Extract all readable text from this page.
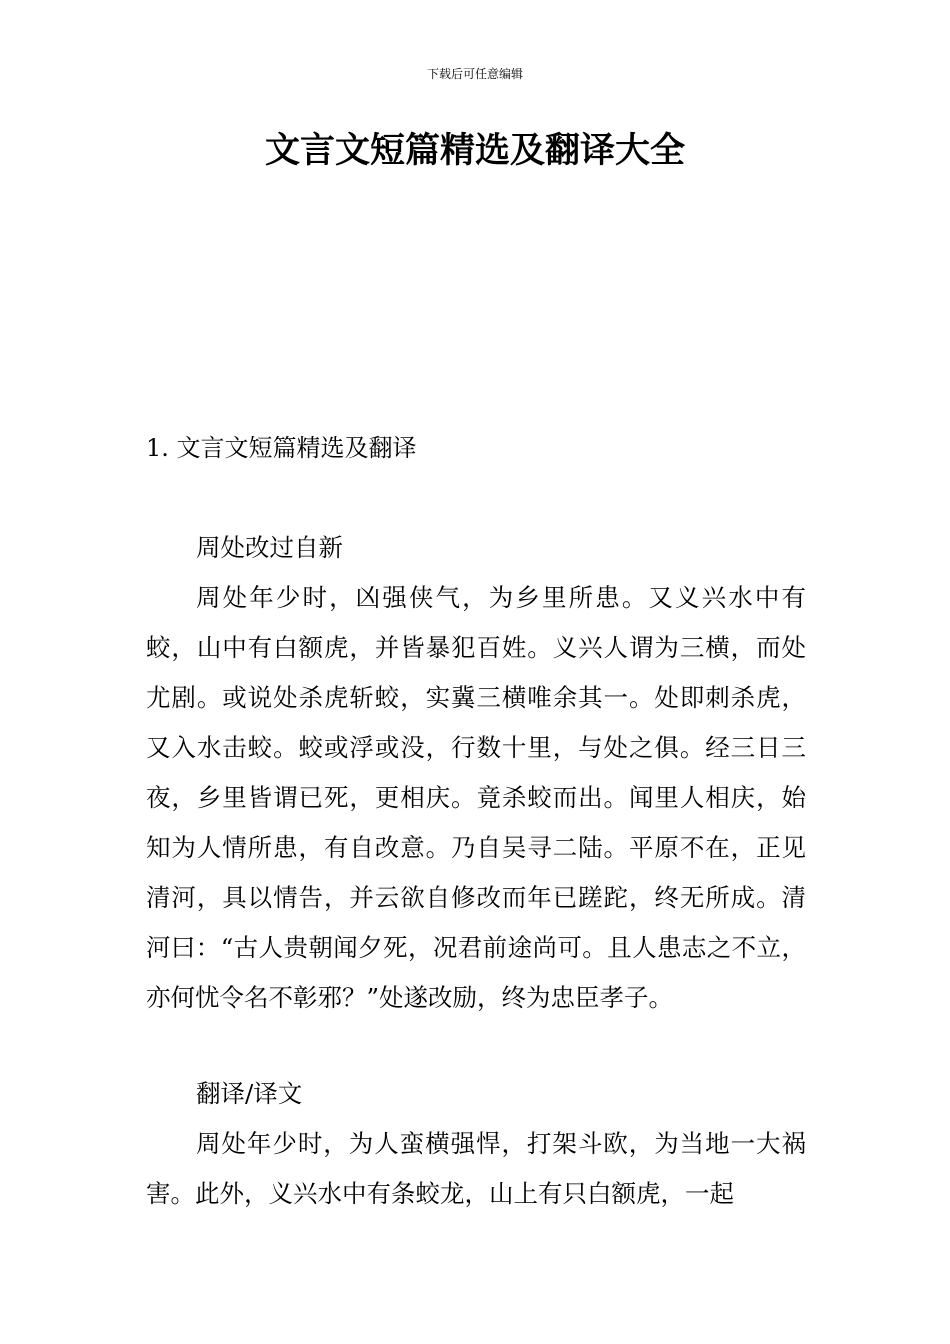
下载后可任意编辑
文言文短篇精选及翻译大全
1. 文言文短篇精选及翻译

周处改过自新

周处年少时，凶强侠气，为乡里所患。又义兴水中有蛟，山中有白额虎，并皆暴犯百姓。义兴人谓为三横，而处尤剧。或说处杀虎斩蛟，实冀三横唯余其一。处即刺杀虎，又入水击蛟。蛟或浮或没，行数十里，与处之俱。经三日三夜，乡里皆谓已死，更相庆。竟杀蛟而出。闻里人相庆，始知为人情所患，有自改意。乃自吴寻二陆。平原不在，正见清河，具以情告，并云欲自修改而年已蹉跎，终无所成。清河曰：“古人贵朝闻夕死，况君前途尚可。且人患志之不立，亦何忧令名不彰邪？”处遂改励，终为忠臣孝子。

翻译/译文

周处年少时，为人蛮横强悍，打架斗欧，为当地一大祸害。此外，义兴水中有条蛟龙，山上有只白额虎，一起
